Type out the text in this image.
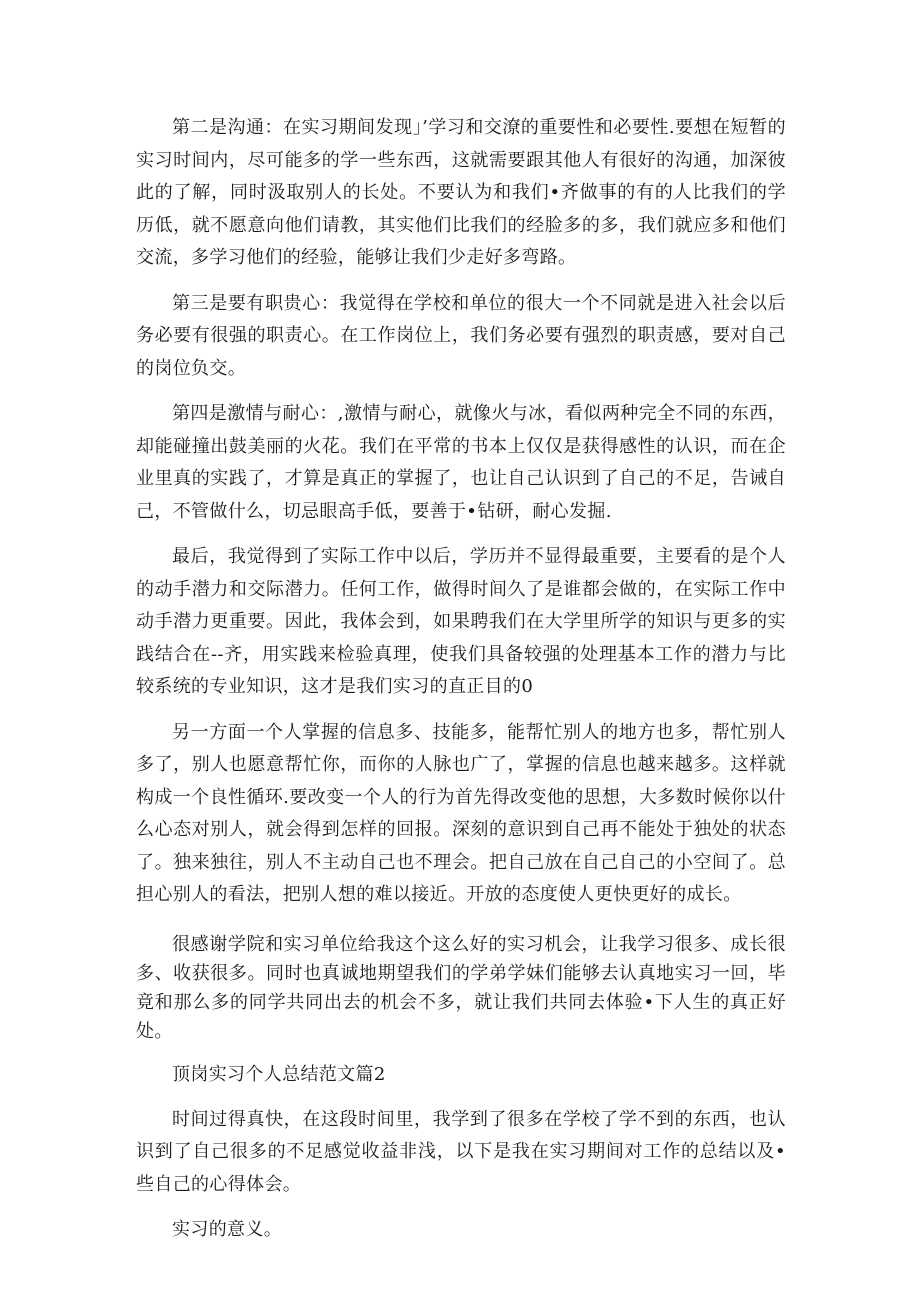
第二是沟通：在实习期间发现」’学习和交潦的重要性和必要性.要想在短暂的实习时间内，尽可能多的学一些东西，这就需要跟其他人有很好的沟通，加深彼此的了解，同时汲取别人的长处。不要认为和我们•齐做事的有的人比我们的学历低，就不愿意向他们请教，其实他们比我们的经脸多的多，我们就应多和他们交流，多学习他们的经验，能够让我们少走好多弯路。

第三是要有职贵心：我觉得在学校和单位的很大一个不同就是进入社会以后务必要有很强的职责心。在工作岗位上，我们务必要有强烈的职责感，要对自己的岗位负交。

第四是激情与耐心：,激情与耐心，就像火与冰，看似两种完全不同的东西，却能碰撞出鼓美丽的火花。我们在平常的书本上仅仅是获得感性的认识，而在企业里真的实践了，才算是真正的掌握了，也让自己认识到了自己的不足，告诫自己，不管做什么，切忌眼高手低，要善于•钻研，耐心发掘.

最后，我觉得到了实际工作中以后，学历并不显得最重要，主要看的是个人的动手潜力和交际潜力。任何工作，做得时间久了是谁都会做的，在实际工作中动手潜力更重要。因此，我体会到，如果聘我们在大学里所学的知识与更多的实践结合在--齐，用实践来检验真理，使我们具备较强的处理基本工作的潜力与比较系统的专业知识，这才是我们实习的直正目的0

另一方面一个人掌握的信息多、技能多，能帮忙别人的地方也多，帮忙别人多了，别人也愿意帮忙你，而你的人脉也广了，掌握的信息也越来越多。这样就构成一个良性循环.要改变一个人的行为首先得改变他的思想，大多数时候你以什么心态对别人，就会得到怎样的回报。深刻的意识到自己再不能处于独处的状态了。独来独往，别人不主动自己也不理会。把自己放在自己自己的小空间了。总担心别人的看法，把别人想的难以接近。开放的态度使人更快更好的成长。

很感谢学院和实习单位给我这个这么好的实习机会，让我学习很多、成长很多、收获很多。同时也真诚地期望我们的学弟学妹们能够去认真地实习一回，毕竟和那么多的同学共同出去的机会不多，就让我们共同去体验•下人生的真正好处。

顶岗实习个人总结范文篇2

时间过得真快，在这段时间里，我学到了很多在学校了学不到的东西，也认识到了自己很多的不足感觉收益非浅，以下是我在实习期间对工作的总结以及•些自己的心得体会。

实习的意义。
